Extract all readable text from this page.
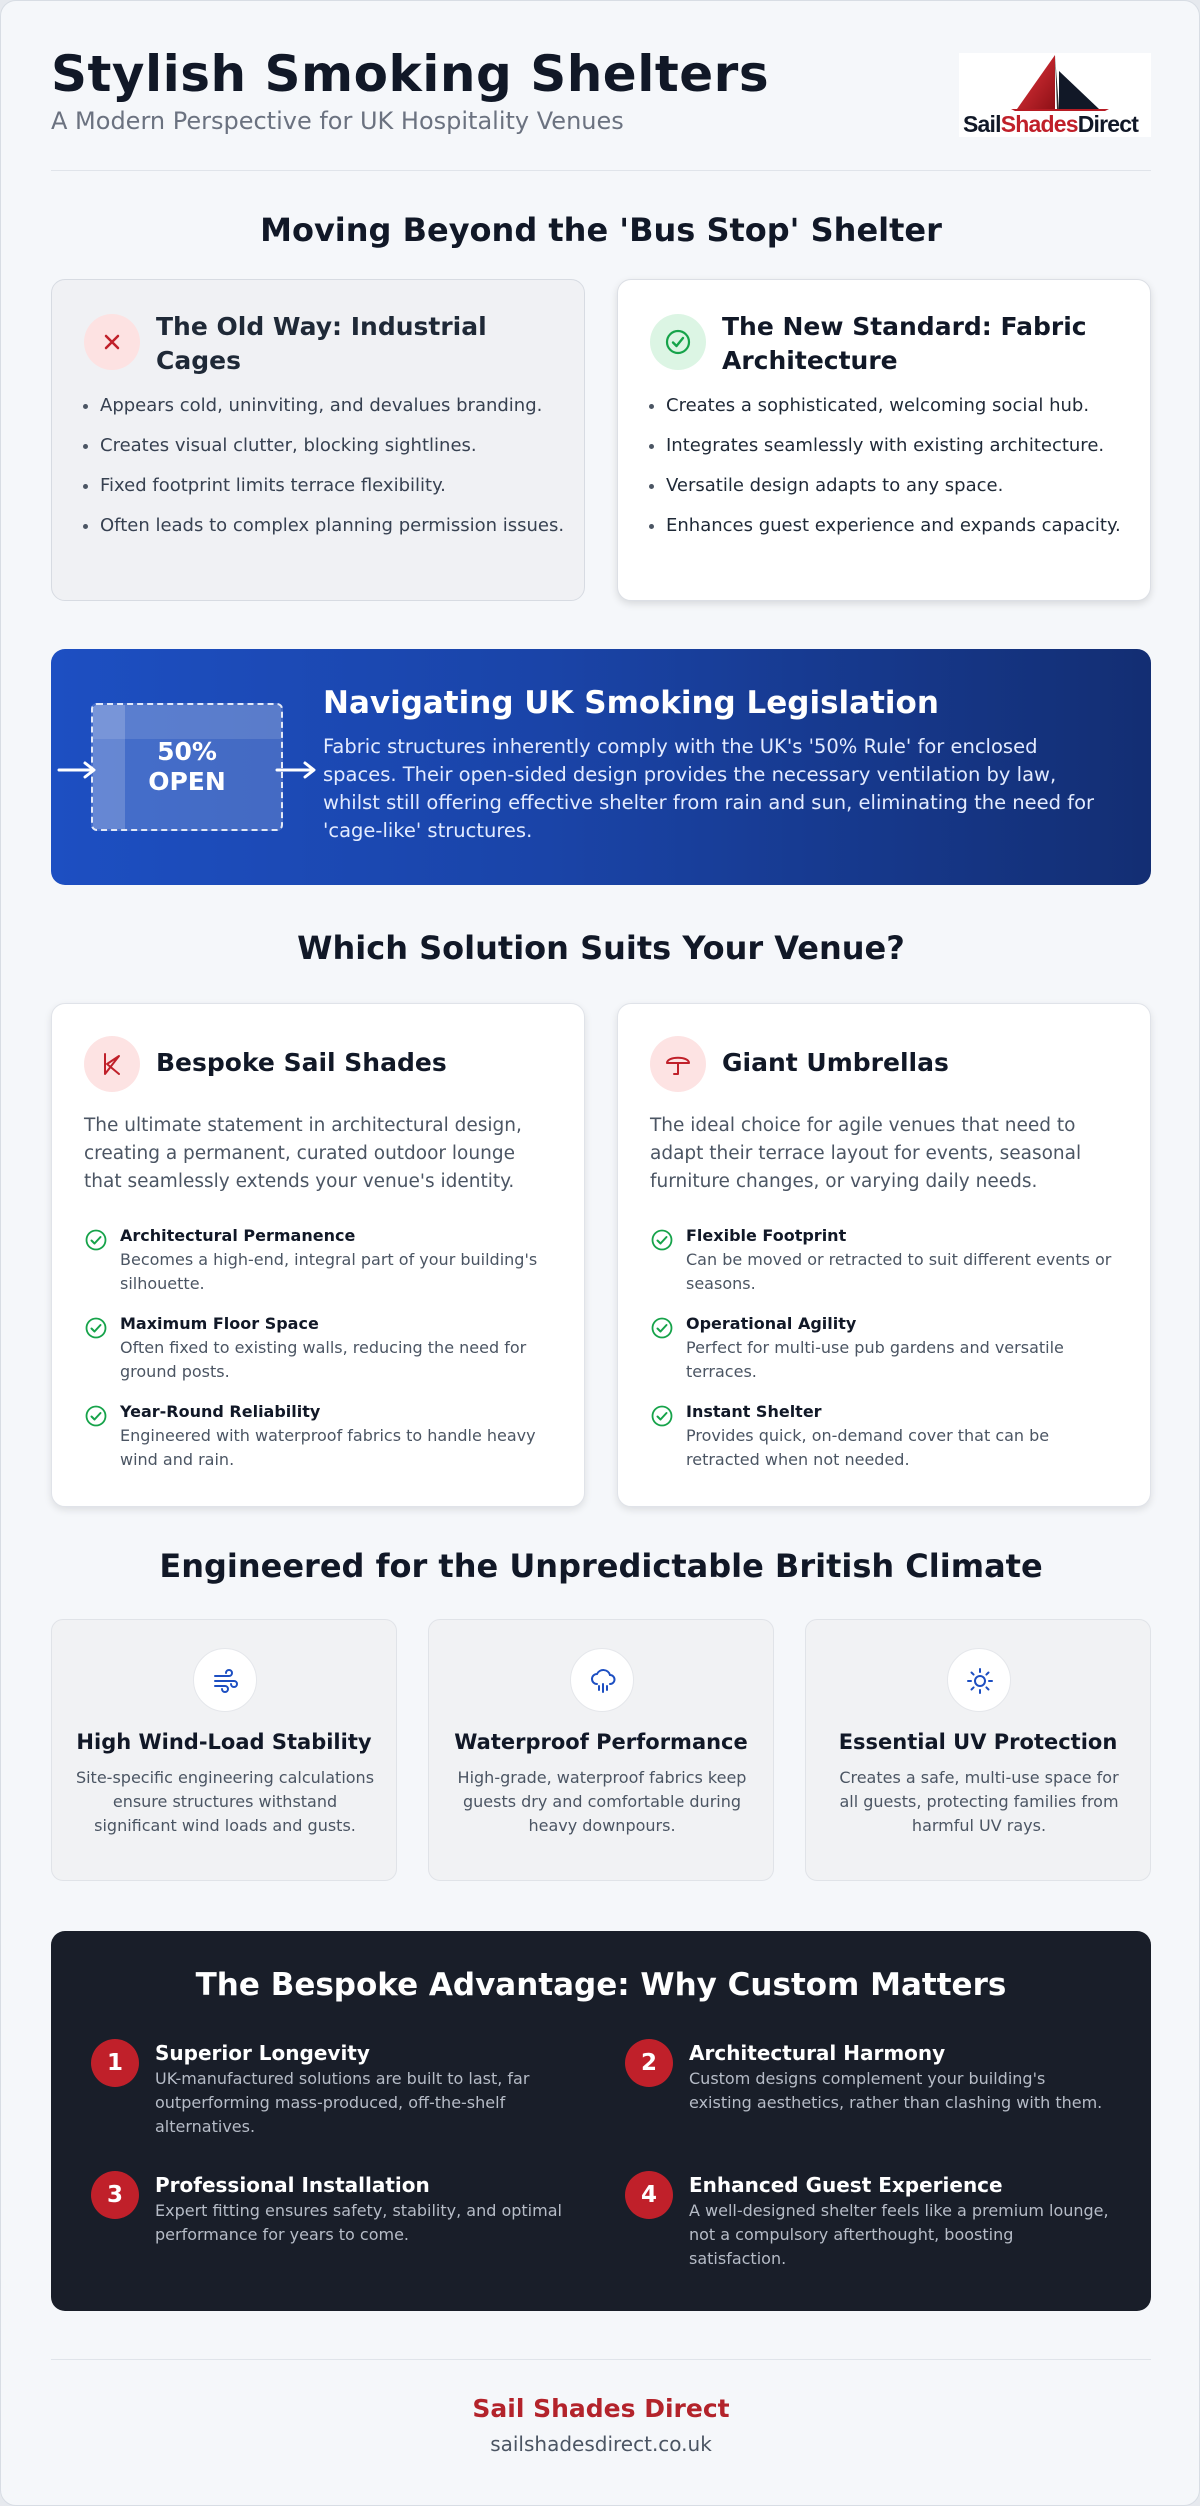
Stylish Smoking Shelters
A Modern Perspective for UK Hospitality Venues	SailShadesDirect
Moving Beyond the 'Bus Stop' Shelter
The Old Way: Industrial Cages
Appears cold, uninviting, and devalues branding.
Creates visual clutter, blocking sightlines.
Fixed footprint limits terrace flexibility.
Often leads to complex planning permission issues.
The New Standard: Fabric Architecture
Creates a sophisticated, welcoming social hub.
Integrates seamlessly with existing architecture.
Versatile design adapts to any space.
Enhances guest experience and expands capacity.
50%
OPEN
Navigating UK Smoking Legislation

Fabric structures inherently comply with the UK's '50% Rule' for enclosed spaces. Their open-sided design provides the necessary ventilation by law, whilst still offering effective shelter from rain and sun, eliminating the need for 'cage-like' structures.

Which Solution Suits Your Venue?
Bespoke Sail Shades
The ultimate statement in architectural design, creating a permanent, curated outdoor lounge that seamlessly extends your venue's identity.
Architectural Permanence
Becomes a high-end, integral part of your building's silhouette.
Maximum Floor Space
Often fixed to existing walls, reducing the need for ground posts.
Year-Round Reliability
Engineered with waterproof fabrics to handle heavy wind and rain.
Giant Umbrellas
The ideal choice for agile venues that need to adapt their terrace layout for events, seasonal furniture changes, or varying daily needs.
Flexible Footprint
Can be moved or retracted to suit different events or seasons.
Operational Agility
Perfect for multi-use pub gardens and versatile terraces.
Instant Shelter
Provides quick, on-demand cover that can be retracted when not needed.
Engineered for the Unpredictable British Climate
High Wind-Load Stability
Site-specific engineering calculations ensure structures withstand significant wind loads and gusts.
Waterproof Performance
High-grade, waterproof fabrics keep guests dry and comfortable during heavy downpours.
Essential UV Protection
Creates a safe, multi-use space for all guests, protecting families from harmful UV rays.
The Bespoke Advantage: Why Custom Matters
1	Superior Longevity
UK-manufactured solutions are built to last, far outperforming mass-produced, off-the-shelf alternatives.
2	Architectural Harmony
Custom designs complement your building's existing aesthetics, rather than clashing with them.
3	Professional Installation
Expert fitting ensures safety, stability, and optimal performance for years to come.
4	Enhanced Guest Experience
A well-designed shelter feels like a premium lounge, not a compulsory afterthought, boosting satisfaction.
Sail Shades Direct
sailshadesdirect.co.uk
